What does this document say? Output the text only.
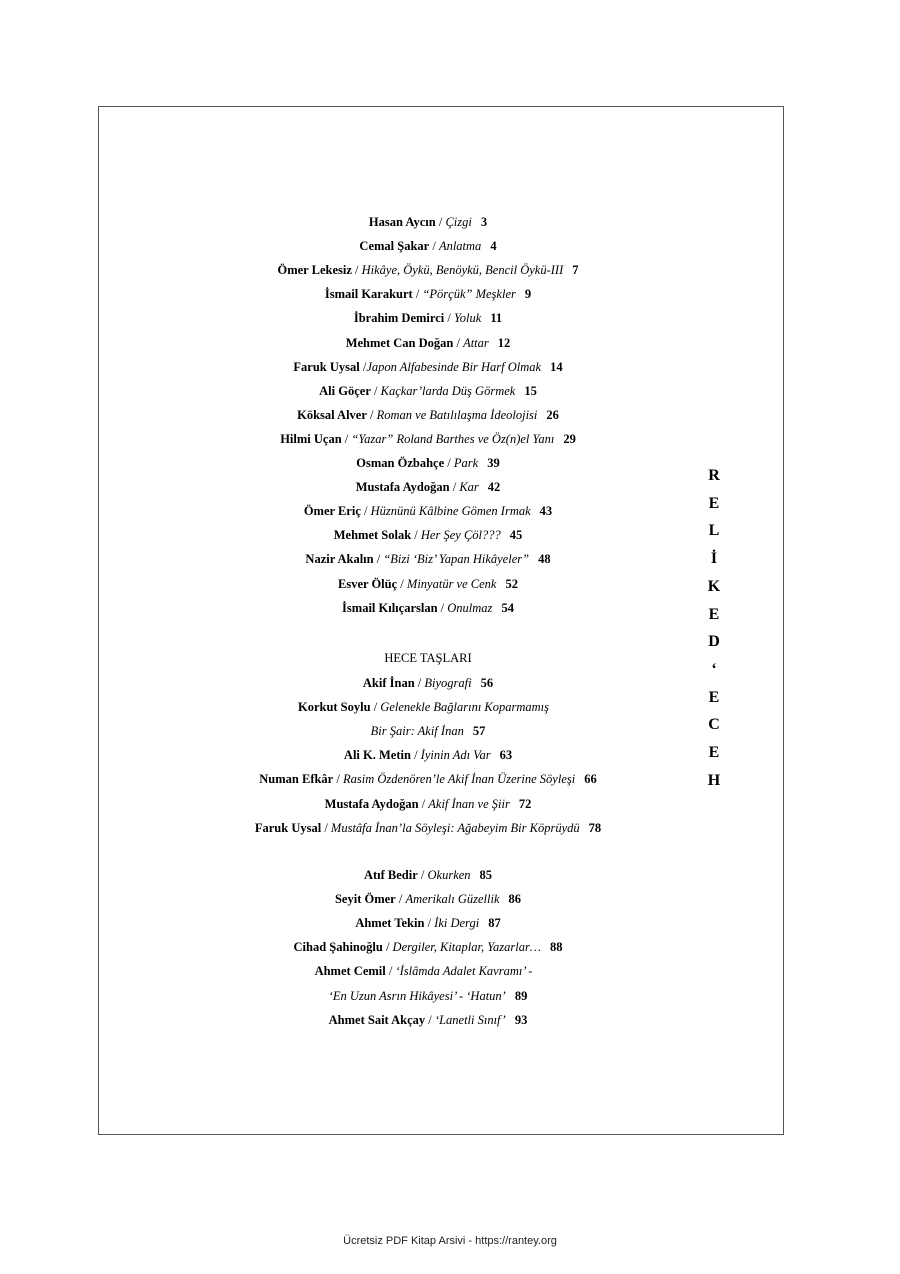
Hasan Aycın / Çizgi 3
Cemal Şakar / Anlatma 4
Ömer Lekesiz / Hikâye, Öykü, Benöykü, Bencil Öykü-III 7
İsmail Karakurt / “Pörçük” Meşkler 9
İbrahim Demirci / Yoluk 11
Mehmet Can Doğan / Attar 12
Faruk Uysal /Japon Alfabesinde Bir Harf Olmak 14
Ali Göçer / Kaçkar’larda Düş Görmek 15
Köksal Alver / Roman ve Batılılaşma İdeolojisi 26
Hilmi Uçan / “Yazar” Roland Barthes ve Öz(n)el Yanı 29
Osman Özbahçe / Park 39
Mustafa Aydoğan / Kar 42
Ömer Eriç / Hüznünü Kâlbine Gömen Irmak 43
Mehmet Solak / Her Şey Çöl??? 45
Nazir Akalın / “Bizi ‘Biz’ Yapan Hikâyeler” 48
Esver Ölüç / Minyatür ve Cenk 52
İsmail Kılıçarslan / Onulmaz 54
HECE TAŞLARI
Akif İnan / Biyografi 56
Korkut Soylu / Gelenekle Bağlarını Koparmamış
Bir Şair: Akif İnan 57
Ali K. Metin / İyinin Adı Var 63
Numan Efkâr / Rasim Özdenören’le Akif İnan Üzerine Söyleşi 66
Mustafa Aydoğan / Akif İnan ve Şiir 72
Faruk Uysal / Mustâfa İnan’la Söyleşi: Ağabeyim Bir Köprüydü 78
Atıf Bedir / Okurken 85
Seyit Ömer / Amerikalı Güzellik 86
Ahmet Tekin / İki Dergi 87
Cihad Şahinoğlu / Dergiler, Kitaplar, Yazarlar… 88
Ahmet Cemil / ‘İslâmda Adalet Kavramı’ -
‘En Uzun Asrın Hikâyesi’ - ‘Hatun’ 89
Ahmet Sait Akçay / ‘Lanetli Sınıf’ 93
H
E
C
E
‘
D
E
K
İ
L
E
R
Ücretsiz PDF Kitap Arsivi - https://rantey.org
